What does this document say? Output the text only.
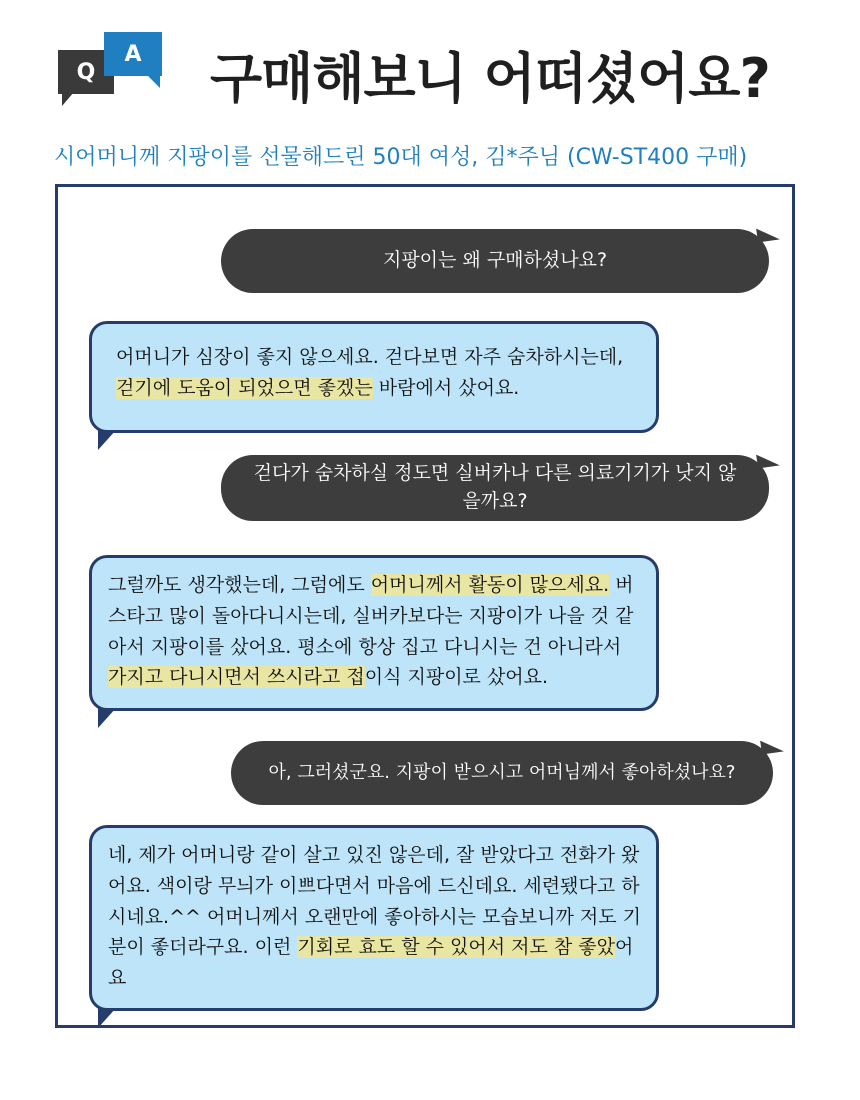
Q
A 구매해보니 어떠셨어요?
시어머니께 지팡이를 선물해드린 50대 여성, 김*주님 (CW-ST400 구매)
지팡이는 왜 구매하셨나요?
어머니가 심장이 좋지 않으세요. 걷다보면 자주 숨차하시는데,
걷기에 도움이 되었으면 좋겠는 바람에서 샀어요.
걷다가 숨차하실 정도면 실버카나 다른 의료기기가 낫지 않을까요?
그럴까도 생각했는데, 그럼에도 어머니께서 활동이 많으세요. 버스타고 많이 돌아다니시는데, 실버카보다는 지팡이가 나을 것 같아서 지팡이를 샀어요. 평소에 항상 집고 다니시는 건 아니라서 가지고 다니시면서 쓰시라고 접이식 지팡이로 샀어요.
아, 그러셨군요. 지팡이 받으시고 어머님께서 좋아하셨나요?
네, 제가 어머니랑 같이 살고 있진 않은데, 잘 받았다고 전화가 왔어요. 색이랑 무늬가 이쁘다면서 마음에 드신데요. 세련됐다고 하시네요.^^ 어머니께서 오랜만에 좋아하시는 모습보니까 저도 기분이 좋더라구요. 이런 기회로 효도 할 수 있어서 저도 참 좋았어요
